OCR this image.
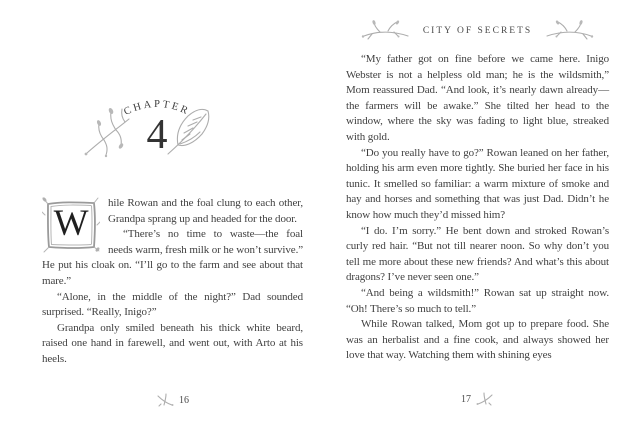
CHAPTER
4

W	hile Rowan and the foal clung to each other, Grandpa sprang up and headed for the door.

“There’s no time to waste—the foal needs warm, fresh milk or he won’t survive.” He put his cloak on. “I’ll go to the farm and see about that mare.”

“Alone, in the middle of the night?” Dad sounded surprised. “Really, Inigo?”

Grandpa only smiled beneath his thick white beard, raised one hand in farewell, and went out, with Arto at his heels.

16
CITY OF SECRETS

“My father got on fine before we came here. Inigo Webster is not a helpless old man; he is the wildsmith,” Mom reassured Dad. “And look, it’s nearly dawn already—the farmers will be awake.” She tilted her head to the window, where the sky was fading to light blue, streaked with gold.

“Do you really have to go?” Rowan leaned on her father, holding his arm even more tightly. She buried her face in his tunic. It smelled so familiar: a warm mixture of smoke and hay and horses and something that was just Dad. Didn’t he know how much they’d missed him?

“I do. I’m sorry.” He bent down and stroked Rowan’s curly red hair. “But not till nearer noon. So why don’t you tell me more about these new friends? And what’s this about dragons? I’ve never seen one.”

“And being a wildsmith!” Rowan sat up straight now. “Oh! There’s so much to tell.”

While Rowan talked, Mom got up to prepare food. She was an herbalist and a fine cook, and always showed her love that way. Watching them with shining eyes

17
